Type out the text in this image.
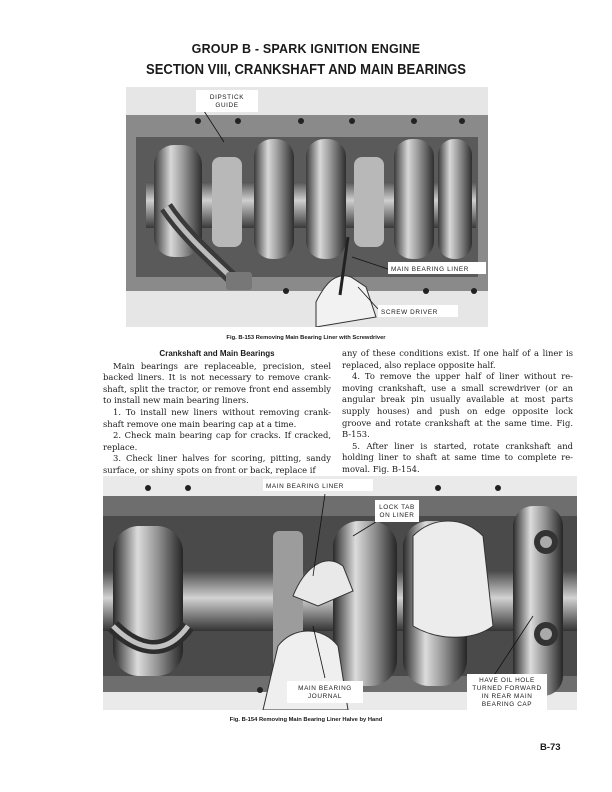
GROUP B - SPARK IGNITION ENGINE
SECTION VIII, CRANKSHAFT AND MAIN BEARINGS
DIPSTICK
GUIDE
MAIN BEARING LINER
SCREW DRIVER
Fig. B-153 Removing Main Bearing Liner with Screwdriver

Crankshaft and Main Bearings

Main bearings are replaceable, precision, steel backed liners. It is not necessary to remove crank-shaft, split the tractor, or remove front end assembly to install new main bearing liners.

1. To install new liners without removing crank-shaft remove one main bearing cap at a time.

2. Check main bearing cap for cracks. If cracked, replace.

3. Check liner halves for scoring, pitting, sandy surface, or shiny spots on front or back, replace if

any of these conditions exist. If one half of a liner is replaced, also replace opposite half.

4. To remove the upper half of liner without re-moving crankshaft, use a small screwdriver (or an angular break pin usually available at most parts supply houses) and push on edge opposite lock groove and rotate crankshaft at the same time. Fig. B-153.

5. After liner is started, rotate crankshaft and holding liner to shaft at same time to complete re-moval. Fig. B-154.

MAIN BEARING LINER
LOCK TAB
ON LINER
MAIN BEARING
JOURNAL
HAVE OIL HOLE
TURNED FORWARD
IN REAR MAIN
BEARING CAP
Fig. B-154 Removing Main Bearing Liner Halve by Hand
B-73
